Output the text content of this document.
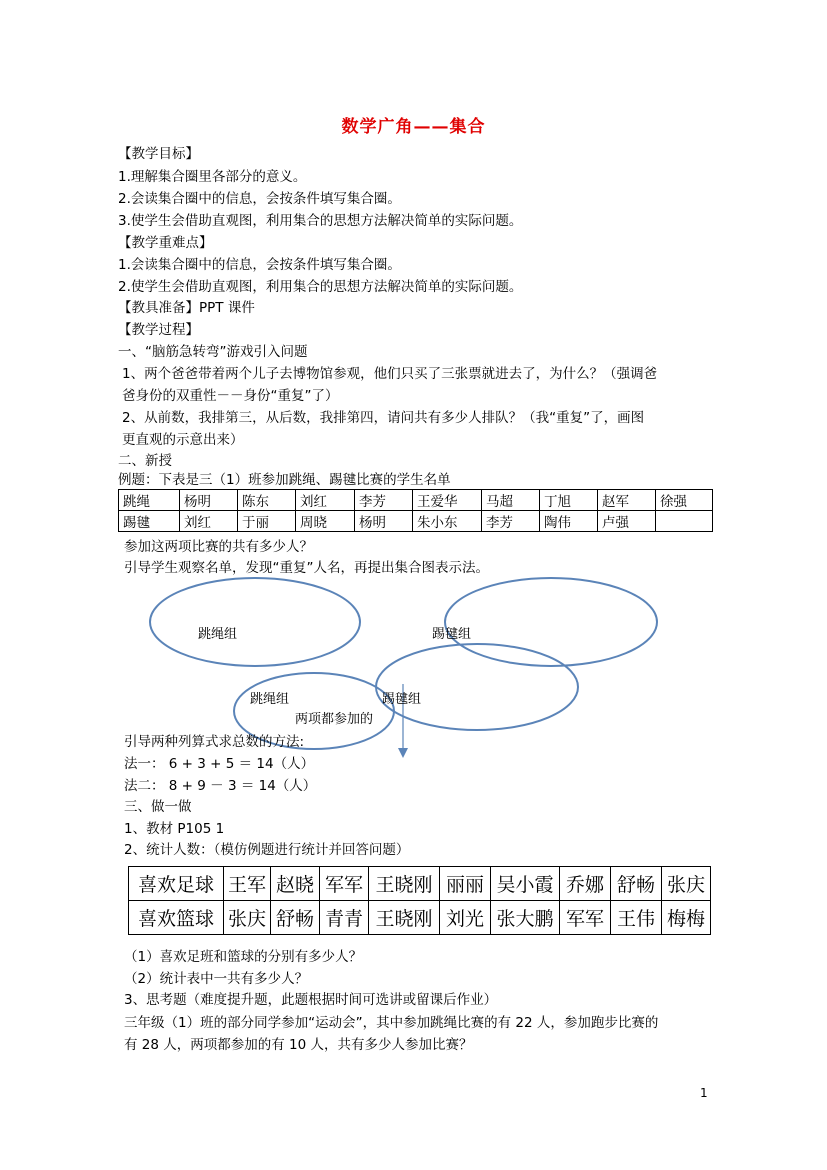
数学广角——集合
【教学目标】
1.理解集合圈里各部分的意义。
2.会读集合圈中的信息，会按条件填写集合圈。
3.使学生会借助直观图，利用集合的思想方法解决简单的实际问题。
【教学重难点】
1.会读集合圈中的信息，会按条件填写集合圈。
2.使学生会借助直观图，利用集合的思想方法解决简单的实际问题。
【教具准备】PPT 课件
【教学过程】
一、“脑筋急转弯”游戏引入问题
1、两个爸爸带着两个儿子去博物馆参观，他们只买了三张票就进去了，为什么？（强调爸
爸身份的双重性－－身份“重复”了）
2、从前数，我排第三，从后数，我排第四，请问共有多少人排队？（我“重复”了，画图
更直观的示意出来）
二、新授
例题：下表是三（1）班参加跳绳、踢毽比赛的学生名单
跳绳	杨明	陈东	刘红	李芳	王爱华	马超	丁旭	赵军	徐强
踢毽	刘红	于丽	周晓	杨明	朱小东	李芳	陶伟	卢强	
参加这两项比赛的共有多少人？
引导学生观察名单，发现“重复”人名，再提出集合图表示法。
跳绳组	踢毽组
跳绳组	踢毽组
两项都参加的
引导两种列算式求总数的方法:
法一： 6 + 3 + 5 ＝ 14（人）
法二： 8 + 9 － 3 ＝ 14（人）
三、做一做
1、教材 P105 1
2、统计人数：（模仿例题进行统计并回答问题）
喜欢足球	王军	赵晓	军军	王晓刚	丽丽	吴小霞	乔娜	舒畅	张庆
喜欢篮球	张庆	舒畅	青青	王晓刚	刘光	张大鹏	军军	王伟	梅梅
（1）喜欢足班和篮球的分别有多少人？
（2）统计表中一共有多少人？
3、思考题（难度提升题，此题根据时间可选讲或留课后作业）
三年级（1）班的部分同学参加“运动会”，其中参加跳绳比赛的有 22 人，参加跑步比赛的
有 28 人，两项都参加的有 10 人，共有多少人参加比赛？
1
